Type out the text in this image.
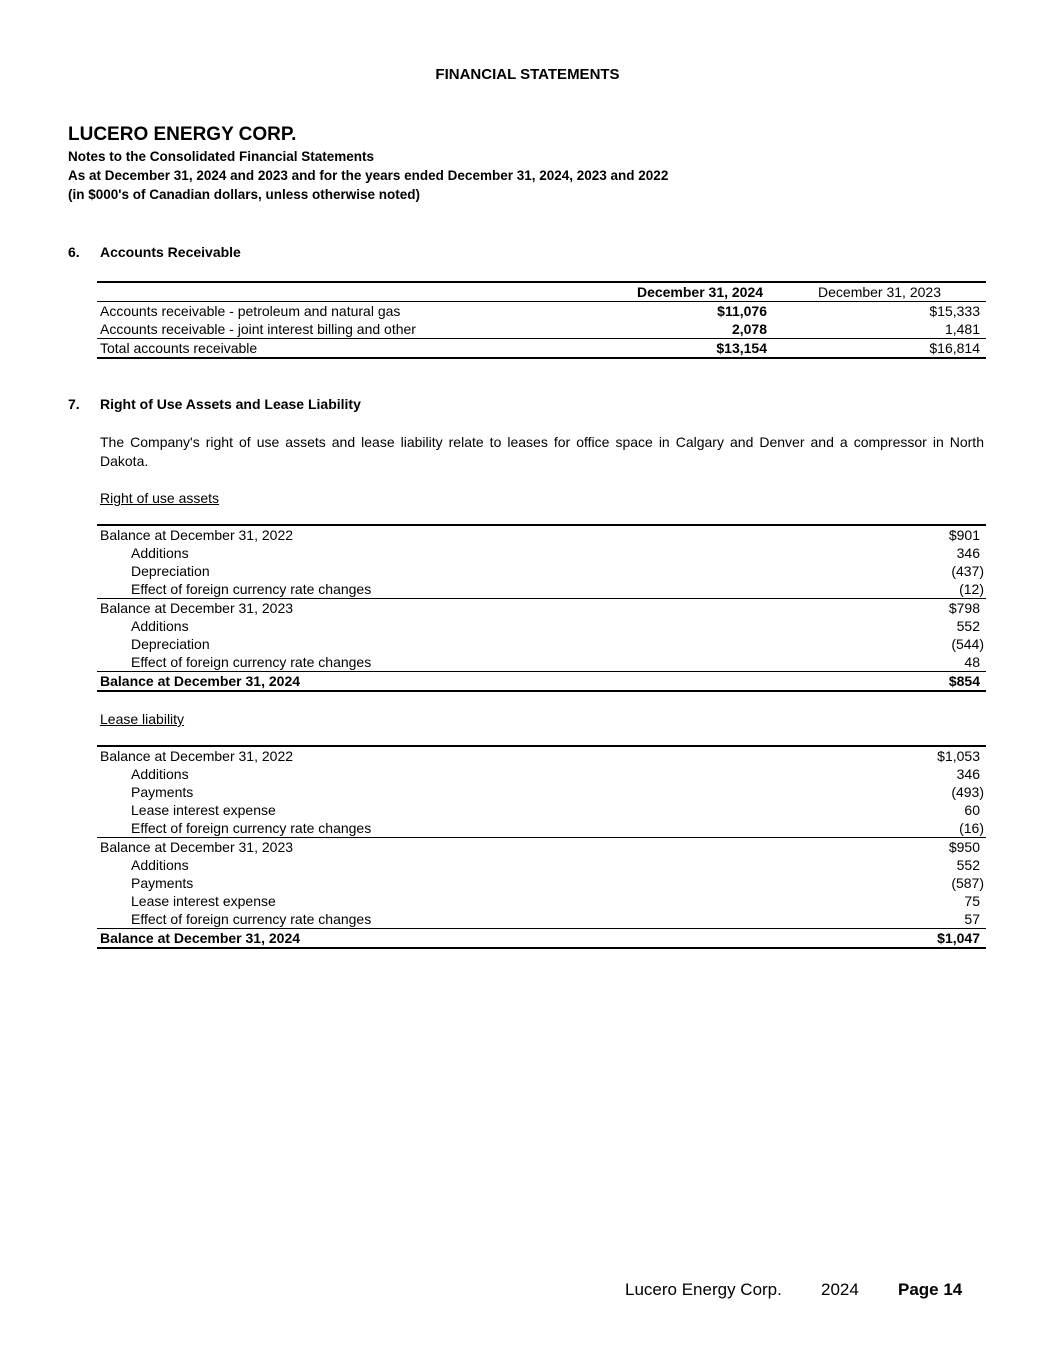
FINANCIAL STATEMENTS
LUCERO ENERGY CORP.
Notes to the Consolidated Financial Statements
As at December 31, 2024 and 2023 and for the years ended December 31, 2024, 2023 and 2022
(in $000's of Canadian dollars, unless otherwise noted)
6. Accounts Receivable
	December 31, 2024	December 31, 2023
Accounts receivable - petroleum and natural gas	$11,076	$15,333
Accounts receivable - joint interest billing and other	2,078	1,481
Total accounts receivable	$13,154	$16,814
7. Right of Use Assets and Lease Liability
The Company's right of use assets and lease liability relate to leases for office space in Calgary and Denver and a compressor in North Dakota.
Right of use assets
Balance at December 31, 2022	$901
Additions	346
Depreciation	(437)
Effect of foreign currency rate changes	(12)
Balance at December 31, 2023	$798
Additions	552
Depreciation	(544)
Effect of foreign currency rate changes	48
Balance at December 31, 2024	$854
Lease liability
Balance at December 31, 2022	$1,053
Additions	346
Payments	(493)
Lease interest expense	60
Effect of foreign currency rate changes	(16)
Balance at December 31, 2023	$950
Additions	552
Payments	(587)
Lease interest expense	75
Effect of foreign currency rate changes	57
Balance at December 31, 2024	$1,047
Lucero Energy Corp. 2024 Page 14
